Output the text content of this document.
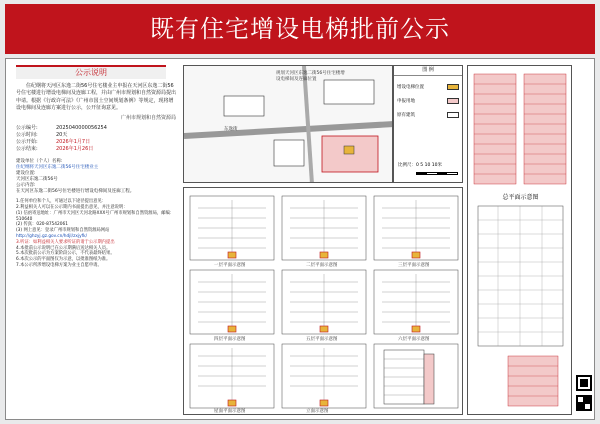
既有住宅增设电梯批前公示
公示说明
住纪纲将天河区东逸二街56号住宅楼业主申报在天河区东逸二街56号住宅楼进行增设电梯间及连廊工程，并由广州市规划和自然资源局提出申请。根据《行政许可法》《广州市国土空间规划条例》等规定，现将增设电梯间及连廊方案进行公示，公开征询意见。
广州市规划和自然资源局
公示编号:	2025040000056254
公示时间:	20天
公示开始:	2026年1月7日
公示结束:	2026年1月26日
建设单位（个人）名称:
住纪纲将天河区东逸二街56号住宅楼业主
建设位置:
天河区东逸二街56号
公示内容:
在天河区东逸二街56号住宅楼进行增设电梯间及连廊工程。
1.任何单位和个人，可通过以下途径提出意见：
2.利益相关人可以在公示期内书面提出意见，并注意说明：
(1) 信函寄送地址：广州市天河区天河北路XXX号广州市规划和自然资源局，邮编：510640
(2) 传真：020-87542061
(3) 网上意见：登录广州市规划和自然资源局网站
http://ghzyj.gz.gov.cn/hdjl/zxjyfk/
3.听证：如利益相关人要求听证的请于公示期内提出
4.本批前公示说明已在公示期满后送达相关人员。
5.本次批前公示为方案阶段公示，不代表最终结果。
6.本次公示的平面图仅为示意，以批准图纸为准。
7.本公示所涉增设电梯方案为业主自愿申请。
规划天河区东逸二街56号住宅楼增设电梯间及连廊位置
东逸街
图 例
增设电梯位置
申报用地
原有建筑
比例尺：0 5 10 10米
一层平面示意图	二层平面示意图	三层平面示意图
四层平面示意图	五层平面示意图	六层平面示意图
屋面平面示意图	立面示意图
总平面示意图
